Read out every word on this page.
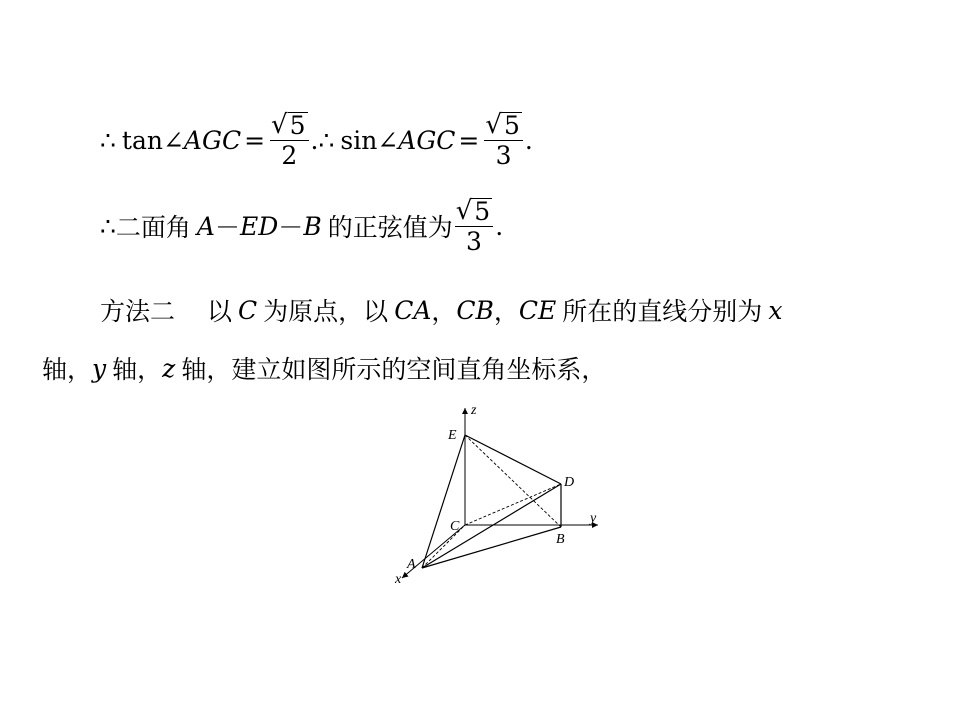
∴ tan ∠ AGC = $\frac{√ 5}{2}$ . ∴ sin ∠ AGC = $\frac{√ 5}{3}$ .
∴ 二面角 A － ED － B 的正弦值为 $\frac{√ 5}{3}$ .
方法二 以 C 为原点，以 CA ， CB ， CE 所在的直线分别为 x
轴， y 轴， z 轴，建立如图所示的空间直角坐标系，
z
E
D
C
y
B
A
x
